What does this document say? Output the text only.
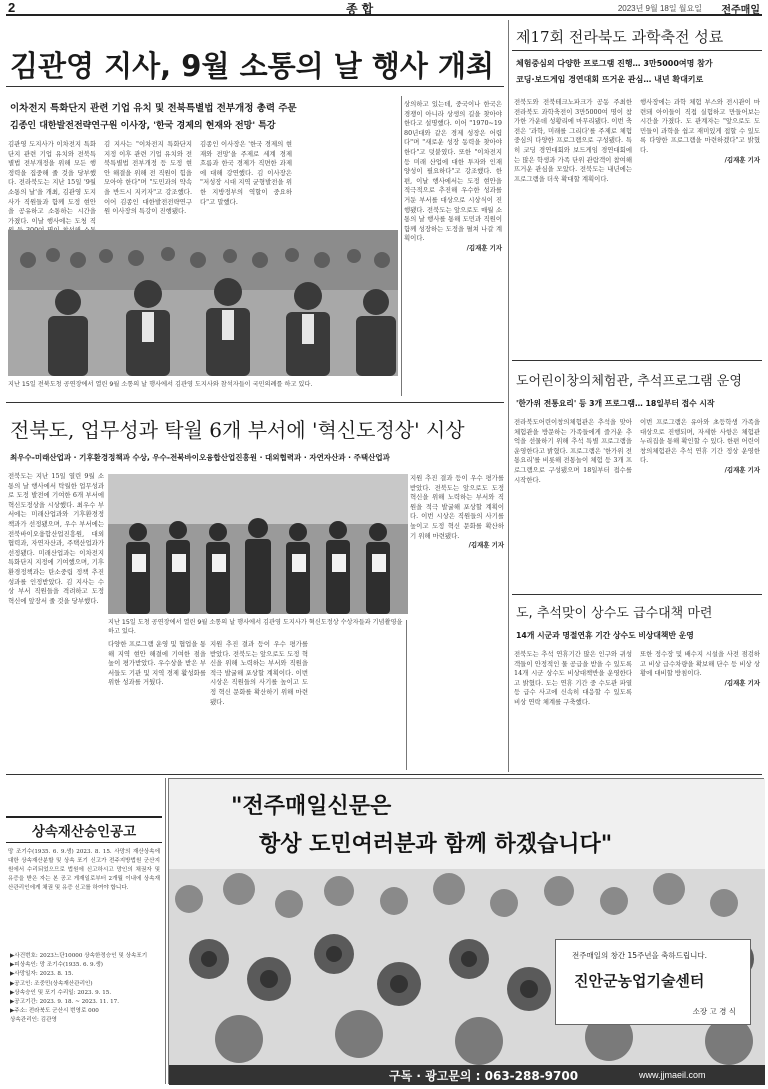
2	종합	2023년 9월 18일 월요일 전주매일
김관영 지사, 9월 소통의 날 행사 개최
이차전지 특화단지 관련 기업 유치 및 전북특별법 전부개정 총력 주문
김종인 대한발전전략연구원 이사장, '한국 경제의 현재와 전망' 특강
김관영 도지사가 이차전지 특화단지 관련 기업 유치와 전북특별법 전부개정을 위해 모든 행정력을 집중해 줄 것을 당부했다. 전라북도는 지난 15일 '9월 소통의 날'을 개최, 김관영 도지사가 직원들과 함께 도정 현안을 공유하고 소통하는 시간을 가졌다. 이날 행사에는 도청 직
김 지사는 "이차전지 특화단지 지정 이후 관련 기업 유치와 전북특별법 전부개정 등 도정 현안 해결을 위해 전 직원이 힘을 모아야 한다"며 "도민과의 약속을 반드시 지키자"고 강조했다. 이어 김종인 대한발전전략연구원 이사장의 특강이 진행됐다.
김종인 이사장은 '한국 경제의 현재와 전망'을 주제로 세계 경제 흐름과 한국 경제가 직면한 과제에 대해 강연했다. 김 이사장은 "저성장 시대 지역 균형발전을 위한 지방정부의 역할이 중요하다"고 말했다.
상의하고 있는데, 중국이나 한국은 경쟁이 아니라 상생의 길을 찾아야 한다고 설명했다. 이어 "1970~1980년대와 같은 경제 성장은 어렵다"며 "새로운 성장 동력을 찾아야 한다"고 덧붙였다. 또한 "이차전지 등 미래 산업에 대한 투자와 인재 양성이 필요하다"고 강조했다. 한편, 이날 행사에서는 도정 현안을 적극적으로 추진해 우수한 성과를 거둔 부서를 대상으로 시상식이 진행됐다. 전북도는 앞으로도 매월 소통의 날 행사를 통해 도민과 직원이 함께 성장하는 도정을 펼쳐 나갈 계획이다.
/김재훈 기자
지난 15일 전북도청 공연장에서 열린 9월 소통의 날 행사에서 김관영 도지사와 참석자들이 국민의례를 하고 있다.
전북도, 업무성과 탁월 6개 부서에 '혁신도정상' 시상
최우수-미래산업과 · 기후환경정책과 수상, 우수-전북바이오융합산업진흥원 · 대외협력과 · 자연자산과 · 주택산업과
전북도는 지난 15일 열린 9월 소통의 날 행사에서 탁월한 업무성과로 도정 발전에 기여한 6개 부서에 혁신도정상을 시상했다. 최우수 부서에는 미래산업과와 기후환경정책과가 선정됐으며, 우수 부서에는 전북바이오융합산업진흥원, 대외협력과, 자연자산과, 주택산업과가 선정됐다. 미래산업과는 이차전지 특화단지 지정에 기여했으며, 기후환경정책과는 탄소중립 정책 추진 성과를 인정받았다. 김 지사는 수상 부서 직원들을 격려하고 도정 혁신에 앞장서 줄 것을 당부했다.
지난 15일 도청 공연장에서 열린 9월 소통의 날 행사에서 김관영 도지사가 혁신도정상 수상자들과 기념촬영을 하고 있다.
다양한 프로그램 운영 및 협업을 통해 지역 현안 해결에 기여한 점을 높이 평가받았다. 우수상을 받은 부서들도 기관 및 지역 경제 활성화를 위한 성과를 거뒀다.
지원 추진 결과 등이 우수 평가를 받았다. 전북도는 앞으로도 도정 혁신을 위해 노력하는 부서와 직원을 적극 발굴해 포상할 계획이다. 이번 시상은 직원들의 사기를 높이고 도정 혁신 문화를 확산하기 위해 마련됐다.
지원 추진 결과 등이 우수 평가를 받았다. 전북도는 앞으로도 도정 혁신을 위해 노력하는 부서와 직원을 적극 발굴해 포상할 계획이다. 이번 시상은 직원들의 사기를 높이고 도정 혁신 문화를 확산하기 위해 마련됐다.
/김재훈 기자
제17회 전라북도 과학축전 성료
체험중심의 다양한 프로그램 진행… 3만5000여명 참가
코딩·보드게임 경연대회 뜨거운 관심… 내년 확대키로
전북도와 전북테크노파크가 공동 주최한 전라북도 과학축전이 3만5000여 명이 참가한 가운데 성황리에 마무리됐다. 이번 축전은 '과학, 미래를 그리다'를 주제로 체험 중심의 다양한 프로그램으로 구성됐다. 특히 코딩 경연대회와 보드게임 경연대회에는 많은 학생과 가족 단위 관람객이 참여해 뜨거운 관심을 모았다. 전북도는 내년에는 프로그램을 더욱 확대할 계획이다.
행사장에는 과학 체험 부스와 전시관이 마련돼 아이들이 직접 실험하고 만들어보는 시간을 가졌다. 도 관계자는 "앞으로도 도민들이 과학을 쉽고 재미있게 접할 수 있도록 다양한 프로그램을 마련하겠다"고 밝혔다.
/김재훈 기자
도어린이창의체험관, 추석프로그램 운영
'한가위 전통요리' 등 3개 프로그램… 18일부터 접수 시작
전라북도어린이창의체험관은 추석을 맞아 체험관을 방문하는 가족들에게 즐거운 추억을 선물하기 위해 추석 특별 프로그램을 운영한다고 밝혔다. 프로그램은 '한가위 전통요리'를 비롯해 전통놀이 체험 등 3개 프로그램으로 구성됐으며 18일부터 접수를 시작한다.
이번 프로그램은 유아와 초등학생 가족을 대상으로 진행되며, 자세한 사항은 체험관 누리집을 통해 확인할 수 있다. 한편 어린이창의체험관은 추석 연휴 기간 정상 운영한다.
/김재훈 기자
도, 추석맞이 상수도 급수대책 마련
14개 시군과 명절연휴 기간 상수도 비상대책반 운영
전북도는 추석 연휴기간 많은 인구와 귀성객들이 안정적인 물 공급을 받을 수 있도록 14개 시군 상수도 비상대책반을 운영한다고 밝혔다. 도는 연휴 기간 중 수도관 파열 등 급수 사고에 신속히 대응할 수 있도록 비상 연락 체계를 구축했다.
또한 정수장 및 배수지 시설을 사전 점검하고 비상 급수차량을 확보해 단수 등 비상 상황에 대비할 방침이다.
/김재훈 기자
상속재산승인공고
망 조기수(1935. 6. 9.생) 2023. 8. 15. 사망의 재산상속에 대한 상속재산분할 및 상속 포기 신고가 전주지방법원 군산지원에서 수리되었으므로 법원에 신고하시고 망인의 채권자 및 유증을 받은 자는 본 공고 게재일로부터 2개월 이내에 상속재산관리인에게 채권 및 유증 신고를 하여야 합니다.
▶사건번호: 2023느단10000 상속한정승인 및 상속포기
▶피상속인: 망 조기수(1935. 6. 9.생)
▶사망일자: 2023. 8. 15.
▶공고인: 조중민(상속재산관리인)
▶상속승인 및 포기 수리일: 2023. 9. 15.
▶공고기간: 2023. 9. 18. ~ 2023. 11. 17.
▶주소: 전라북도 군산시 번영로 000
상속관리인: 김관영
"전주매일신문은
항상 도민여러분과 함께 하겠습니다"
전주매일의 창간 15주년을 축하드립니다.
진안군농업기술센터
소장 고 경 식
구독 · 광고문의 : 063-288-9700	www.jjmaeil.com
